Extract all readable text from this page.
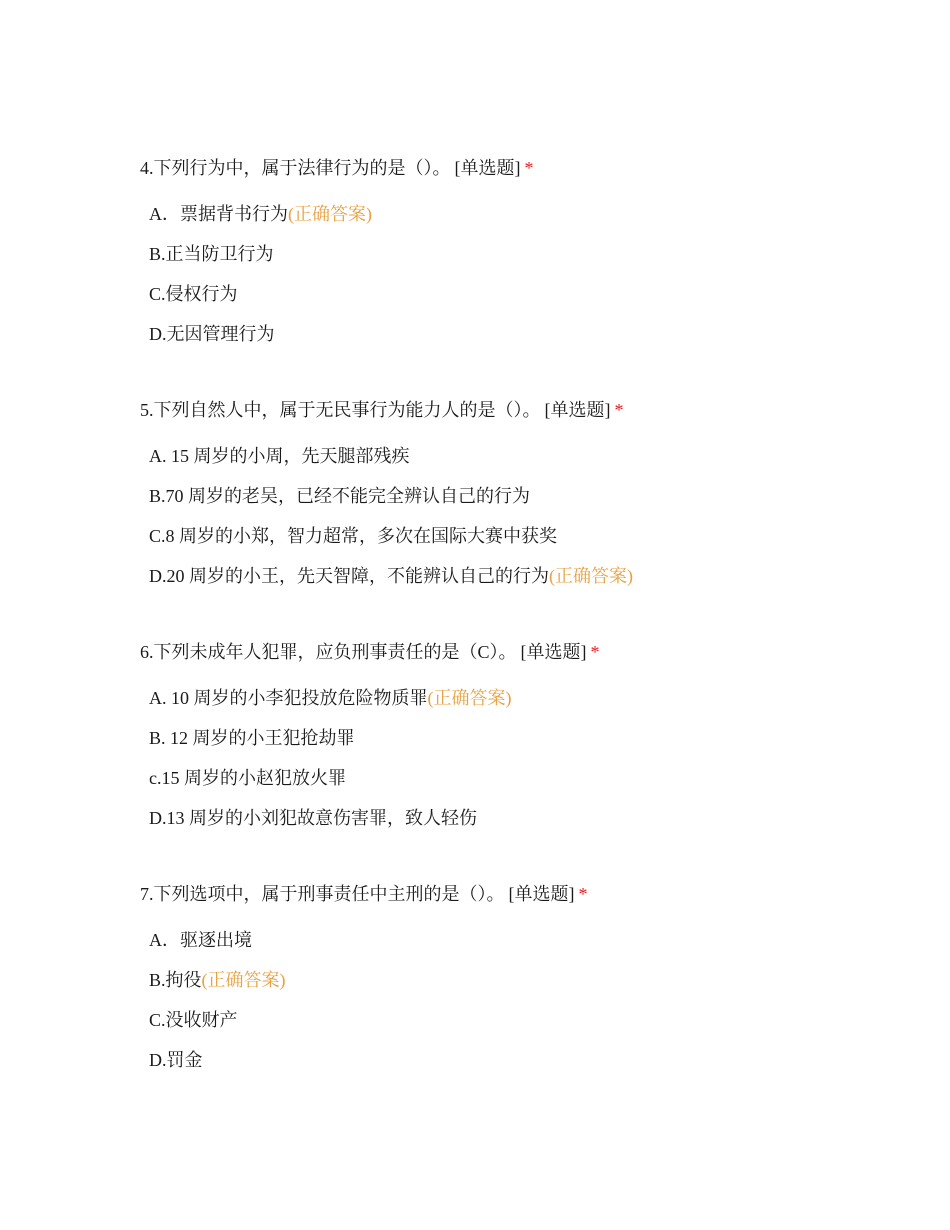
4.下列行为中，属于法律行为的是（）。 [单选题] *
A．票据背书行为(正确答案)
B.正当防卫行为
C.侵权行为
D.无因管理行为
5.下列自然人中，属于无民事行为能力人的是（）。 [单选题] *
A. 15 周岁的小周，先天腿部残疾
B.70 周岁的老吴，已经不能完全辨认自己的行为
C.8 周岁的小郑，智力超常，多次在国际大赛中获奖
D.20 周岁的小王，先天智障，不能辨认自己的行为(正确答案)
6.下列未成年人犯罪，应负刑事责任的是（C）。 [单选题] *
A. 10 周岁的小李犯投放危险物质罪(正确答案)
B. 12 周岁的小王犯抢劫罪
c.15 周岁的小赵犯放火罪
D.13 周岁的小刘犯故意伤害罪，致人轻伤
7.下列选项中，属于刑事责任中主刑的是（）。 [单选题] *
A．驱逐出境
B.拘役(正确答案)
C.没收财产
D.罚金
